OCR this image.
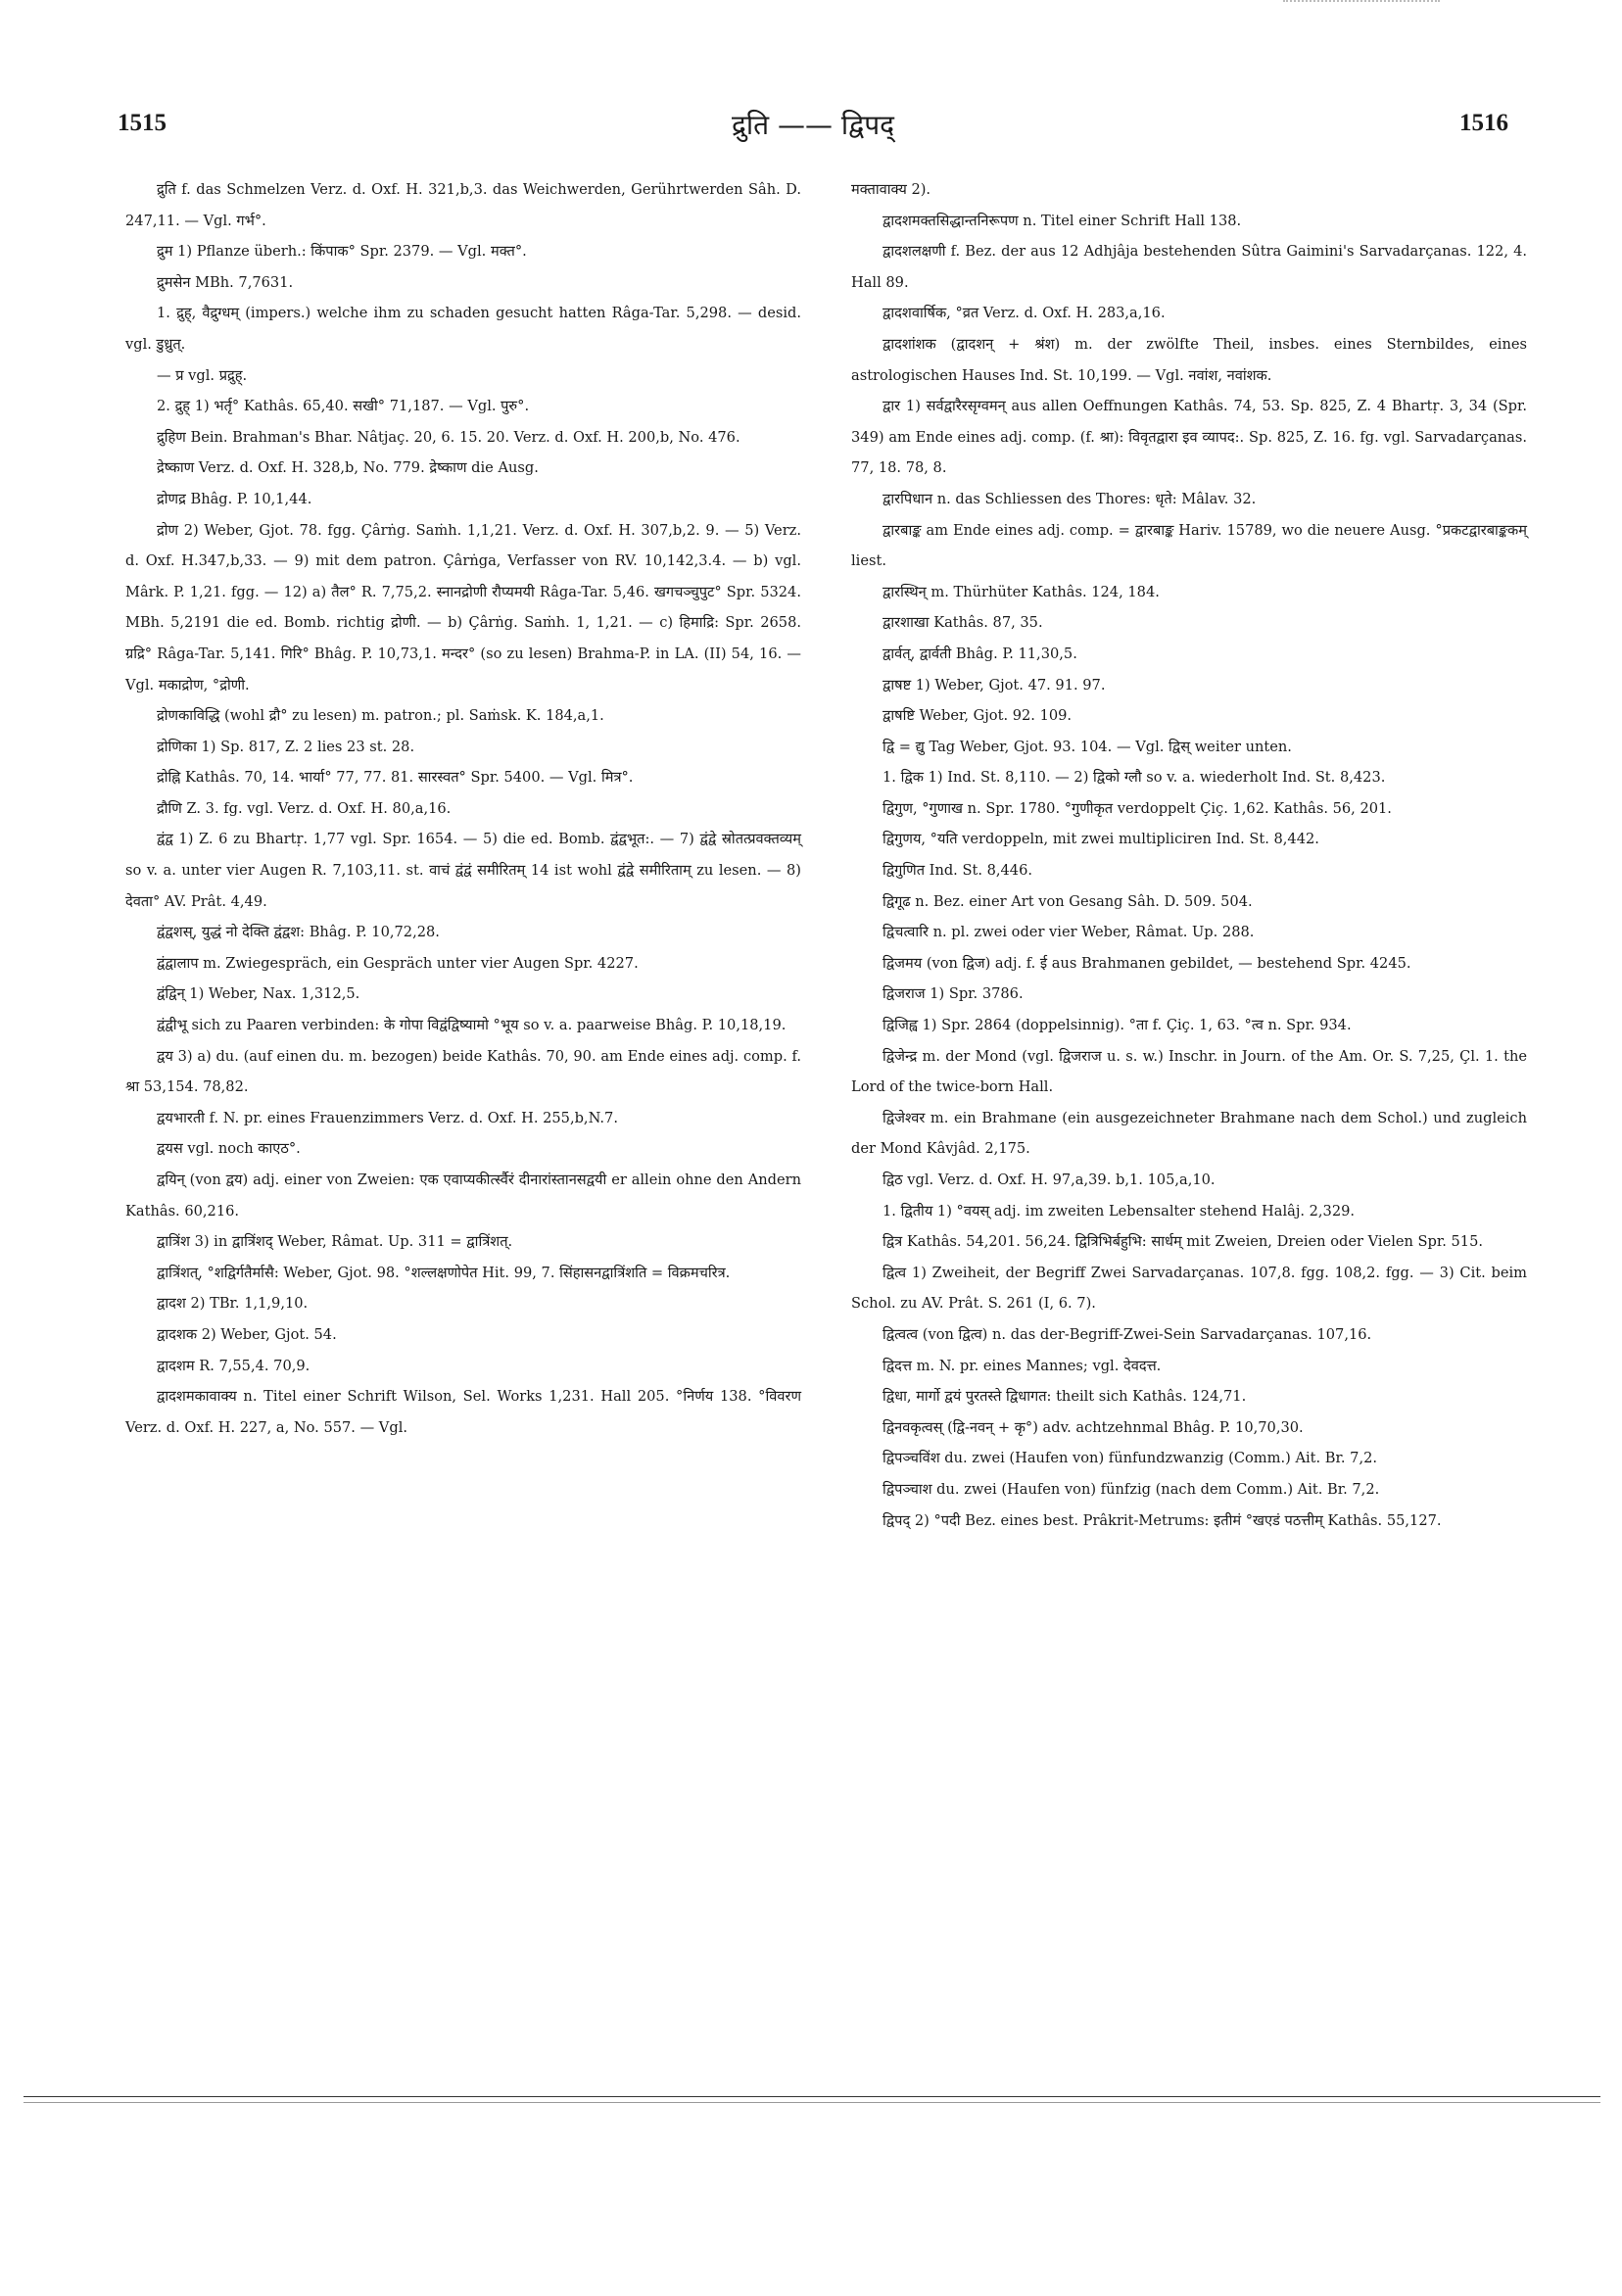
1515	द्रुति —— द्विपद्	1516

द्रुति f. das Schmelzen Verz. d. Oxf. H. 321,b,3. das Weichwerden, Gerührtwerden Sâh. D. 247,11. — Vgl. गर्भ°.

द्रुम 1) Pflanze überh.: किंपाक° Spr. 2379. — Vgl. मक्त°.

द्रुमसेन MBh. 7,7631.

1. द्रुह्, वैद्रुग्धम् (impers.) welche ihm zu schaden gesucht hatten Râga-Tar. 5,298. — desid. vgl. डुध्रुत्.

— प्र vgl. प्रद्रुह्.

2. द्रुह् 1) भर्तृ° Kathâs. 65,40. सखी° 71,187. — Vgl. पुरु°.

द्रुहिण Bein. Brahman's Bhar. Nâtjaç. 20, 6. 15. 20. Verz. d. Oxf. H. 200,b, No. 476.

द्रेष्काण Verz. d. Oxf. H. 328,b, No. 779. द्रेष्काण die Ausg.

द्रोणद्र Bhâg. P. 10,1,44.

द्रोण 2) Weber, Gjot. 78. fgg. Çârṅg. Saṁh. 1,1,21. Verz. d. Oxf. H. 307,b,2. 9. — 5) Verz. d. Oxf. H.347,b,33. — 9) mit dem patron. Çârṅga, Verfasser von RV. 10,142,3.4. — b) vgl. Mârk. P. 1,21. fgg. — 12) a) तैल° R. 7,75,2. स्नानद्रोणी रौप्यमयी Râga-Tar. 5,46. खगचञ्चुपुट° Spr. 5324. MBh. 5,2191 die ed. Bomb. richtig द्रोणी. — b) Çârṅg. Saṁh. 1, 1,21. — c) हिमाद्रि: Spr. 2658. ग्रद्रि° Râga-Tar. 5,141. गिरि° Bhâg. P. 10,73,1. मन्दर° (so zu lesen) Brahma-P. in LA. (II) 54, 16. — Vgl. मकाद्रोण, °द्रोणी.

द्रोणकाविद्धि (wohl द्रौ° zu lesen) m. patron.; pl. Saṁsk. K. 184,a,1.

द्रोणिका 1) Sp. 817, Z. 2 lies 23 st. 28.

द्रोह्नि Kathâs. 70, 14. भार्या° 77, 77. 81. सारस्वत° Spr. 5400. — Vgl. मित्र°.

द्रौणि Z. 3. fg. vgl. Verz. d. Oxf. H. 80,a,16.

द्वंद्व 1) Z. 6 zu Bhartṛ. 1,77 vgl. Spr. 1654. — 5) die ed. Bomb. द्वंद्वभूत:. — 7) द्वंद्वे स्रोतत्प्रवक्तव्यम् so v. a. unter vier Augen R. 7,103,11. st. वाचं द्वंद्वं समीरितम् 14 ist wohl द्वंद्वे समीरिताम् zu lesen. — 8) देवता° AV. Prât. 4,49.

द्वंद्वशस्, युद्धं नो देक्ति द्वंद्वश: Bhâg. P. 10,72,28.

द्वंद्वालाप m. Zwiegespräch, ein Gespräch unter vier Augen Spr. 4227.

द्वंद्विन् 1) Weber, Nax. 1,312,5.

द्वंद्वीभू sich zu Paaren verbinden: के गोपा विद्वंद्विष्यामो °भूय so v. a. paarweise Bhâg. P. 10,18,19.

द्वय 3) a) du. (auf einen du. m. bezogen) beide Kathâs. 70, 90. am Ende eines adj. comp. f. श्रा 53,154. 78,82.

द्वयभारती f. N. pr. eines Frauenzimmers Verz. d. Oxf. H. 255,b,N.7.

द्वयस vgl. noch काएठ°.

द्वयिन् (von द्वय) adj. einer von Zweien: एक एवाप्यकीर्त्स्वैरं दीनारांस्तानसद्वयी er allein ohne den Andern Kathâs. 60,216.

द्वात्रिंश 3) in द्वात्रिंशद् Weber, Râmat. Up. 311 = द्वात्रिंशत्.

द्वात्रिंशत्, °शद्विर्गतैर्मासै: Weber, Gjot. 98. °शल्लक्षणोपेत Hit. 99, 7. सिंहासनद्वात्रिंशति = विक्रमचरित्र.

द्वादश 2) TBr. 1,1,9,10.

द्वादशक 2) Weber, Gjot. 54.

द्वादशम R. 7,55,4. 70,9.

द्वादशमकावाक्य n. Titel einer Schrift Wilson, Sel. Works 1,231. Hall 205. °निर्णय 138. °विवरण Verz. d. Oxf. H. 227, a, No. 557. — Vgl.

मक्तावाक्य 2).

द्वादशमक्तसिद्धान्तनिरूपण n. Titel einer Schrift Hall 138.

द्वादशलक्षणी f. Bez. der aus 12 Adhjâja bestehenden Sûtra Gaimini's Sarvadarçanas. 122, 4. Hall 89.

द्वादशवार्षिक, °व्रत Verz. d. Oxf. H. 283,a,16.

द्वादशांशक (द्वादशन् + श्रंश) m. der zwölfte Theil, insbes. eines Sternbildes, eines astrologischen Hauses Ind. St. 10,199. — Vgl. नवांश, नवांशक.

द्वार 1) सर्वद्वारैरसृग्वमन् aus allen Oeffnungen Kathâs. 74, 53. Sp. 825, Z. 4 Bhartṛ. 3, 34 (Spr. 349) am Ende eines adj. comp. (f. श्रा): विवृतद्वारा इव व्यापद:. Sp. 825, Z. 16. fg. vgl. Sarvadarçanas. 77, 18. 78, 8.

द्वारपिधान n. das Schliessen des Thores: धृते: Mâlav. 32.

द्वारबाङ्क am Ende eines adj. comp. = द्वारबाङ्क Hariv. 15789, wo die neuere Ausg. °प्रकटद्वारबाङ्ककम् liest.

द्वारस्थिन् m. Thürhüter Kathâs. 124, 184.

द्वारशाखा Kathâs. 87, 35.

द्वार्वत्, द्वार्वती Bhâg. P. 11,30,5.

द्वाषष्ट 1) Weber, Gjot. 47. 91. 97.

द्वाषष्टि Weber, Gjot. 92. 109.

द्वि = द्यु Tag Weber, Gjot. 93. 104. — Vgl. द्विस् weiter unten.

1. द्विक 1) Ind. St. 8,110. — 2) द्विको ग्लौ so v. a. wiederholt Ind. St. 8,423.

द्विगुण, °गुणाख n. Spr. 1780. °गुणीकृत verdoppelt Çiç. 1,62. Kathâs. 56, 201.

द्विगुणय, °यति verdoppeln, mit zwei multipliciren Ind. St. 8,442.

द्विगुणित Ind. St. 8,446.

द्विगूढ n. Bez. einer Art von Gesang Sâh. D. 509. 504.

द्विचत्वारि n. pl. zwei oder vier Weber, Râmat. Up. 288.

द्विजमय (von द्विज) adj. f. ई aus Brahmanen gebildet, — bestehend Spr. 4245.

द्विजराज 1) Spr. 3786.

द्विजिह्व 1) Spr. 2864 (doppelsinnig). °ता f. Çiç. 1, 63. °त्व n. Spr. 934.

द्विजेन्द्र m. der Mond (vgl. द्विजराज u. s. w.) Inschr. in Journ. of the Am. Or. S. 7,25, Çl. 1. the Lord of the twice-born Hall.

द्विजेश्वर m. ein Brahmane (ein ausgezeichneter Brahmane nach dem Schol.) und zugleich der Mond Kâvjâd. 2,175.

द्विठ vgl. Verz. d. Oxf. H. 97,a,39. b,1. 105,a,10.

1. द्वितीय 1) °वयस् adj. im zweiten Lebensalter stehend Halâj. 2,329.

द्वित्र Kathâs. 54,201. 56,24. द्वित्रिभिर्बहुभि: सार्धम् mit Zweien, Dreien oder Vielen Spr. 515.

द्वित्व 1) Zweiheit, der Begriff Zwei Sarvadarçanas. 107,8. fgg. 108,2. fgg. — 3) Cit. beim Schol. zu AV. Prât. S. 261 (I, 6. 7).

द्वित्वत्व (von द्वित्व) n. das der-Begriff-Zwei-Sein Sarvadarçanas. 107,16.

द्विदत्त m. N. pr. eines Mannes; vgl. देवदत्त.

द्विधा, मार्गो द्वयं पुरतस्ते द्विधागत: theilt sich Kathâs. 124,71.

द्विनवकृत्वस् (द्वि-नवन् + कृ°) adv. achtzehnmal Bhâg. P. 10,70,30.

द्विपञ्चविंश du. zwei (Haufen von) fünfundzwanzig (Comm.) Ait. Br. 7,2.

द्विपञ्चाश du. zwei (Haufen von) fünfzig (nach dem Comm.) Ait. Br. 7,2.

द्विपद् 2) °पदी Bez. eines best. Prâkrit-Metrums: इतीमं °खएडं पठत्तीम् Kathâs. 55,127.
